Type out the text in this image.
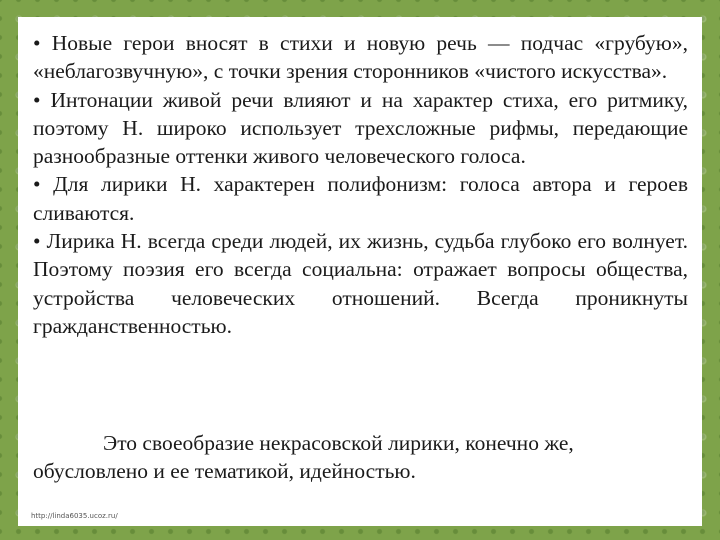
• Новые герои вносят в стихи и новую речь — подчас «грубую», «неблагозвучную», с точки зрения сторонников «чистого искусства».

• Интонации живой речи влияют и на характер стиха, его ритмику, поэтому Н. широко использует трехсложные рифмы, передающие разнообразные оттенки живого человеческого голоса.

• Для лирики Н. характерен полифонизм: голоса автора и героев сливаются.

• Лирика Н. всегда среди людей, их жизнь, судьба глубоко его волнует. Поэтому поэзия его всегда социальна: отражает вопросы общества, устройства человеческих отношений. Всегда проникнуты гражданственностью.

Это своеобразие некрасовской лирики, конечно же, обусловлено и ее тематикой, идейностью.

http://linda6035.ucoz.ru/
